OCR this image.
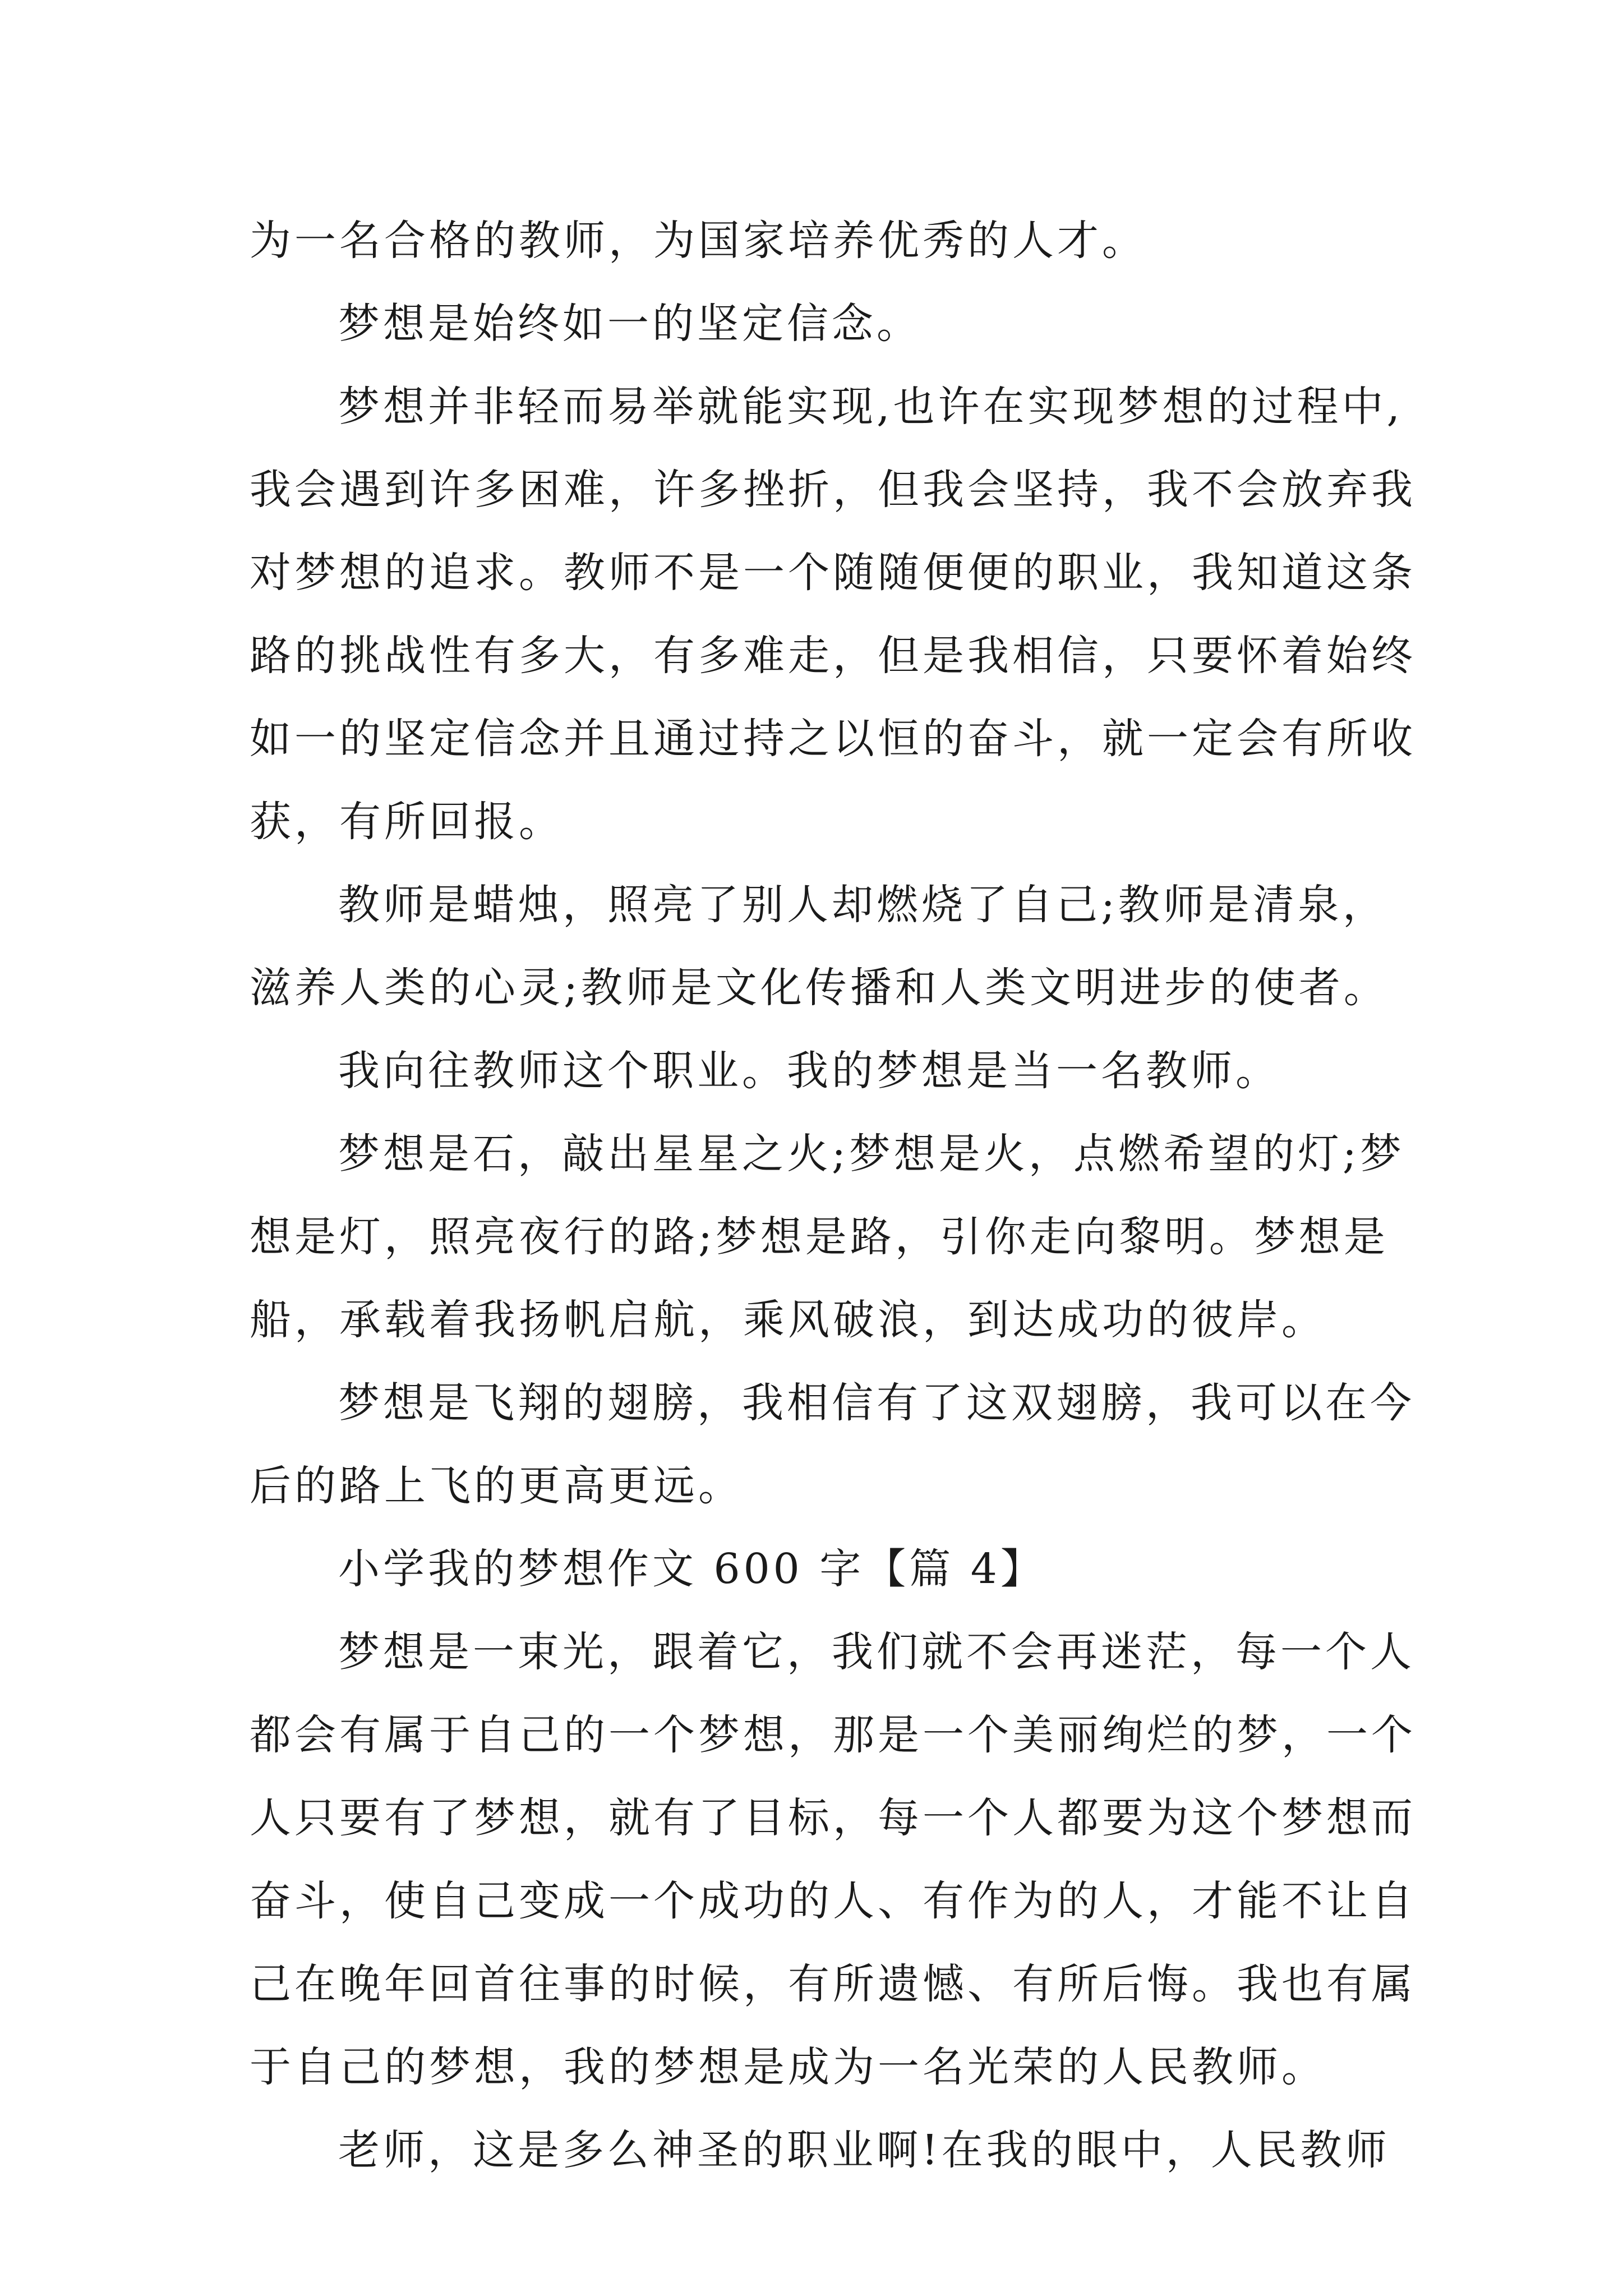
为一名合格的教师，为国家培养优秀的人才。
梦想是始终如一的坚定信念。
梦想并非轻而易举就能实现,也许在实现梦想的过程中,
我会遇到许多困难，许多挫折，但我会坚持，我不会放弃我
对梦想的追求。教师不是一个随随便便的职业，我知道这条
路的挑战性有多大，有多难走，但是我相信，只要怀着始终
如一的坚定信念并且通过持之以恒的奋斗，就一定会有所收
获，有所回报。
教师是蜡烛，照亮了别人却燃烧了自己;教师是清泉，
滋养人类的心灵;教师是文化传播和人类文明进步的使者。
我向往教师这个职业。我的梦想是当一名教师。
梦想是石，敲出星星之火;梦想是火，点燃希望的灯;梦
想是灯，照亮夜行的路;梦想是路，引你走向黎明。梦想是
船，承载着我扬帆启航，乘风破浪，到达成功的彼岸。
梦想是飞翔的翅膀，我相信有了这双翅膀，我可以在今
后的路上飞的更高更远。
小学我的梦想作文 600 字【篇 4】
梦想是一束光，跟着它，我们就不会再迷茫，每一个人
都会有属于自己的一个梦想，那是一个美丽绚烂的梦，一个
人只要有了梦想，就有了目标，每一个人都要为这个梦想而
奋斗，使自己变成一个成功的人、有作为的人，才能不让自
己在晚年回首往事的时候，有所遗憾、有所后悔。我也有属
于自己的梦想，我的梦想是成为一名光荣的人民教师。
老师，这是多么神圣的职业啊!在我的眼中，人民教师
